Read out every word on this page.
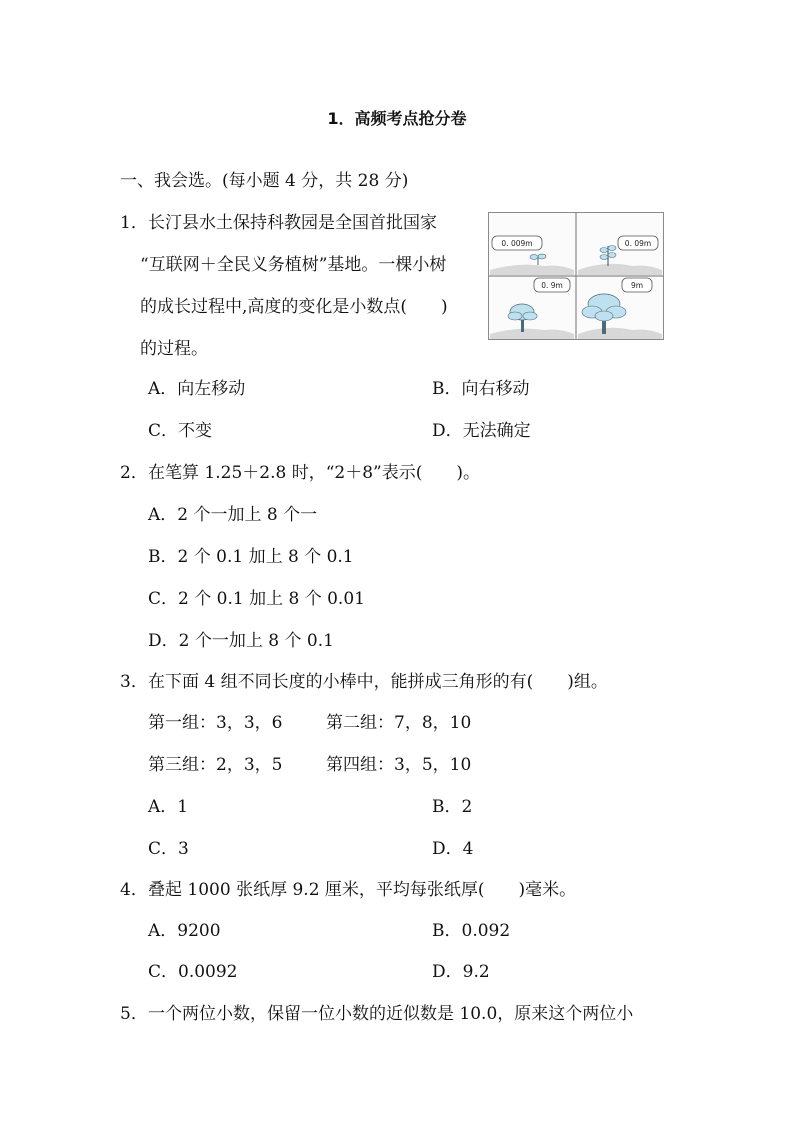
1．高频考点抢分卷
一、我会选。(每小题 4 分，共 28 分)
1． 长汀县水土保持科教园是全国首批国家
“互联网＋全民义务植树”基地。一棵小树
的成长过程中,高度的变化是小数点(　　)
的过程。
0. 009m	0. 09m
0. 9m	9m
A．向左移动	B．向右移动
C．不变	D．无法确定
2． 在笔算 1.25＋2.8 时，“2＋8”表示(　　)。
A．2 个一加上 8 个一
B．2 个 0.1 加上 8 个 0.1
C．2 个 0.1 加上 8 个 0.01
D．2 个一加上 8 个 0.1
3． 在下面 4 组不同长度的小棒中，能拼成三角形的有(　　)组。
第一组：3，3，6	第二组：7，8，10
第三组：2，3，5	第四组：3，5，10
A．1	B．2
C．3	D．4
4． 叠起 1000 张纸厚 9.2 厘米，平均每张纸厚(　　)毫米。
A．9200	B．0.092
C．0.0092	D．9.2
5． 一个两位小数，保留一位小数的近似数是 10.0，原来这个两位小
